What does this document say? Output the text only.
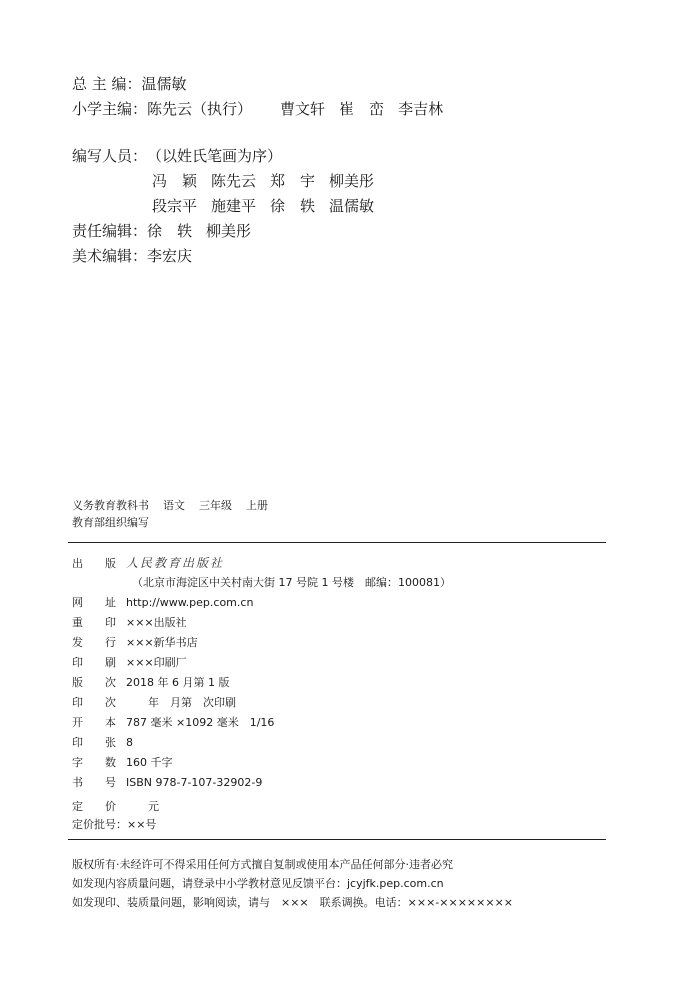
总 主 编：温儒敏
小学主编：陈先云（执行） 曹文轩 崔　峦 李吉林
编写人员：（以姓氏笔画为序）
冯　颖 陈先云 郑　宇 柳美彤
段宗平 施建平 徐　轶 温儒敏
责任编辑：徐　轶 柳美彤
美术编辑：李宏庆
义务教育教科书 语文 三年级 上册
教育部组织编写
出　　版 人民教育出版社
（北京市海淀区中关村南大街 17 号院 1 号楼　邮编：100081）
网　　址 http://www.pep.com.cn
重　　印 ×××出版社
发　　行 ×××新华书店
印　　刷 ×××印刷厂
版　　次 2018 年 6 月第 1 版
印　　次　　年　月第　次印刷
开　　本 787 毫米 ×1092 毫米　1/16
印　　张 8
字　　数 160 千字
书　　号 ISBN 978-7-107-32902-9
定　　价　　元
定价批号：××号
版权所有·未经许可不得采用任何方式擅自复制或使用本产品任何部分·违者必究
如发现内容质量问题，请登录中小学教材意见反馈平台：jcyjfk.pep.com.cn
如发现印、装质量问题，影响阅读，请与　×××　联系调换。电话：×××-××××××××
